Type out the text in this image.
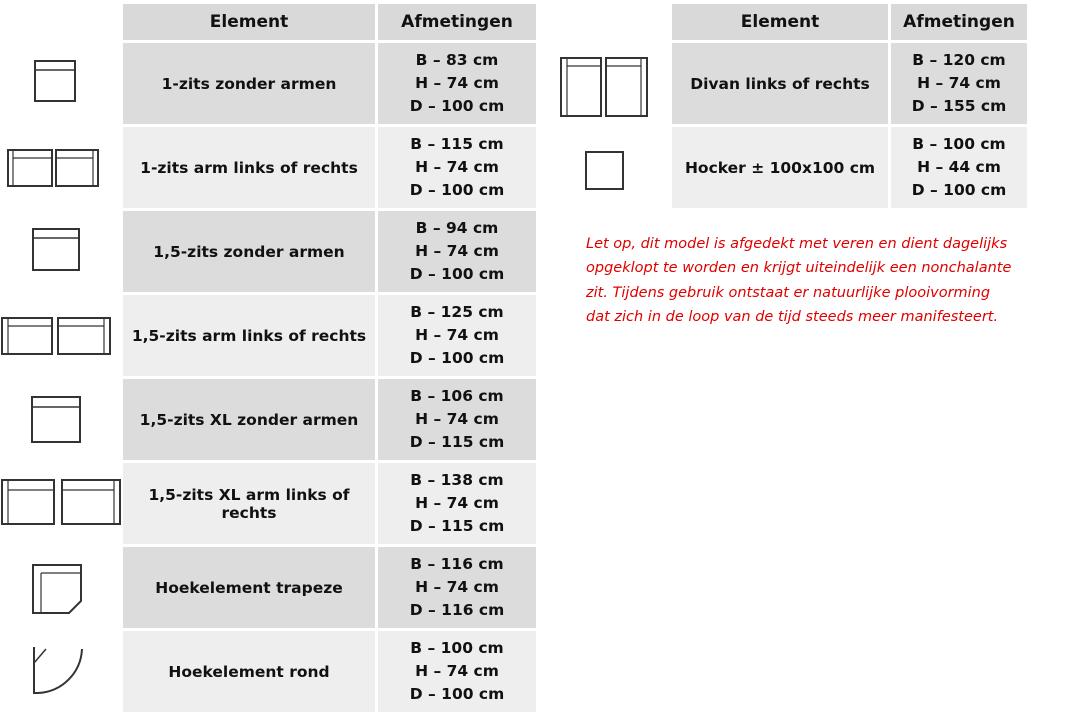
Element	Afmetingen
1-zits zonder armen	B – 83 cm
H – 74 cm
D – 100 cm

1-zits arm links of rechts	B – 115 cm
H – 74 cm
D – 100 cm

1,5-zits zonder armen	B – 94 cm
H – 74 cm
D – 100 cm

1,5-zits arm links of rechts	B – 125 cm
H – 74 cm
D – 100 cm

1,5-zits XL zonder armen	B – 106 cm
H – 74 cm
D – 115 cm

1,5-zits XL arm links of rechts	B – 138 cm
H – 74 cm
D – 115 cm

Hoekelement trapeze	B – 116 cm
H – 74 cm
D – 116 cm

Hoekelement rond	B – 100 cm
H – 74 cm
D – 100 cm
Element	Afmetingen
Divan links of rechts	B – 120 cm
H – 74 cm
D – 155 cm

Hocker ± 100x100 cm	B – 100 cm
H – 44 cm
D – 100 cm
Let op, dit model is afgedekt met veren en dient dagelijks opgeklopt te worden en krijgt uiteindelijk een nonchalante zit. Tijdens gebruik ontstaat er natuurlijke plooivorming dat zich in de loop van de tijd steeds meer manifesteert.
